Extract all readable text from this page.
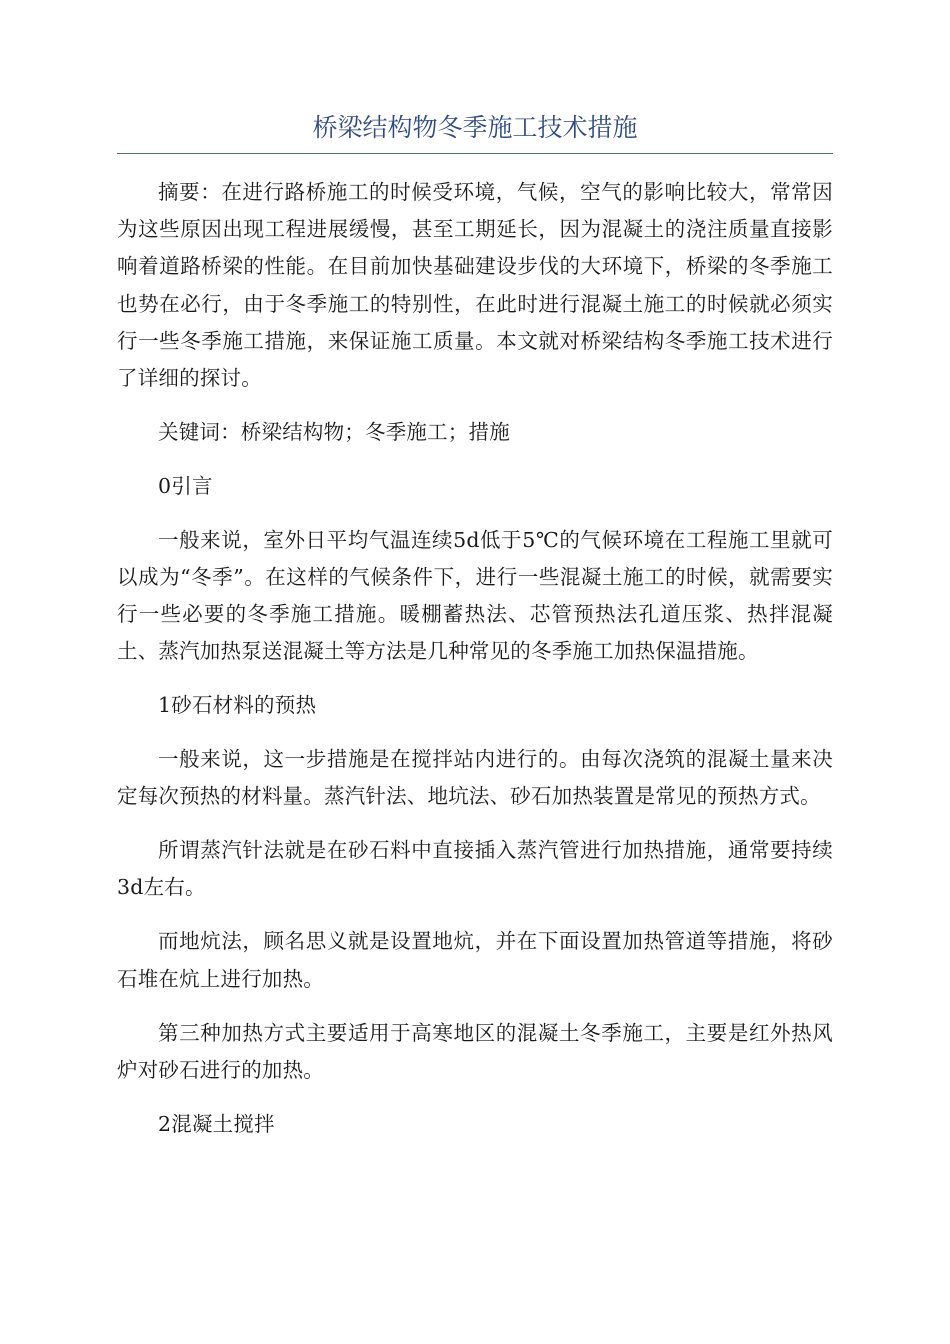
桥梁结构物冬季施工技术措施

摘要：在进行路桥施工的时候受环境，气候，空气的影响比较大，常常因为这些原因出现工程进展缓慢，甚至工期延长，因为混凝土的浇注质量直接影响着道路桥梁的性能。在目前加快基础建设步伐的大环境下，桥梁的冬季施工也势在必行，由于冬季施工的特别性，在此时进行混凝土施工的时候就必须实行一些冬季施工措施，来保证施工质量。本文就对桥梁结构冬季施工技术进行了详细的探讨。

关键词：桥梁结构物；冬季施工；措施

0引言

一般来说，室外日平均气温连续5d低于5℃的气候环境在工程施工里就可以成为“冬季”。在这样的气候条件下，进行一些混凝土施工的时候，就需要实行一些必要的冬季施工措施。暖棚蓄热法、芯管预热法孔道压浆、热拌混凝土、蒸汽加热泵送混凝土等方法是几种常见的冬季施工加热保温措施。

1砂石材料的预热

一般来说，这一步措施是在搅拌站内进行的。由每次浇筑的混凝土量来决定每次预热的材料量。蒸汽针法、地坑法、砂石加热装置是常见的预热方式。

所谓蒸汽针法就是在砂石料中直接插入蒸汽管进行加热措施，通常要持续3d左右。

而地炕法，顾名思义就是设置地炕，并在下面设置加热管道等措施，将砂石堆在炕上进行加热。

第三种加热方式主要适用于高寒地区的混凝土冬季施工，主要是红外热风炉对砂石进行的加热。

2混凝土搅拌
